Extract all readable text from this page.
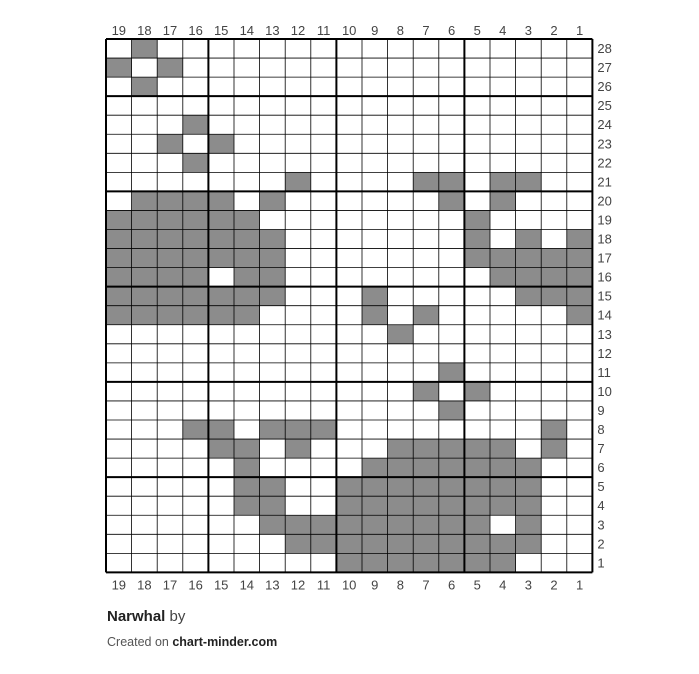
19 18 17 16 15 14 13 12 11 10 9 8 7 6 5 4 3 2 1
19 18 17 16 15 14 13 12 11 10 9 8 7 6 5 4 3 2 1
28
27
26
25
24
23
22
21
20
19
18
17
16
15
14
13
12
11
10
9
8
7
6
5
4
3
2
1
Narwhal by
Created on chart-minder.com
